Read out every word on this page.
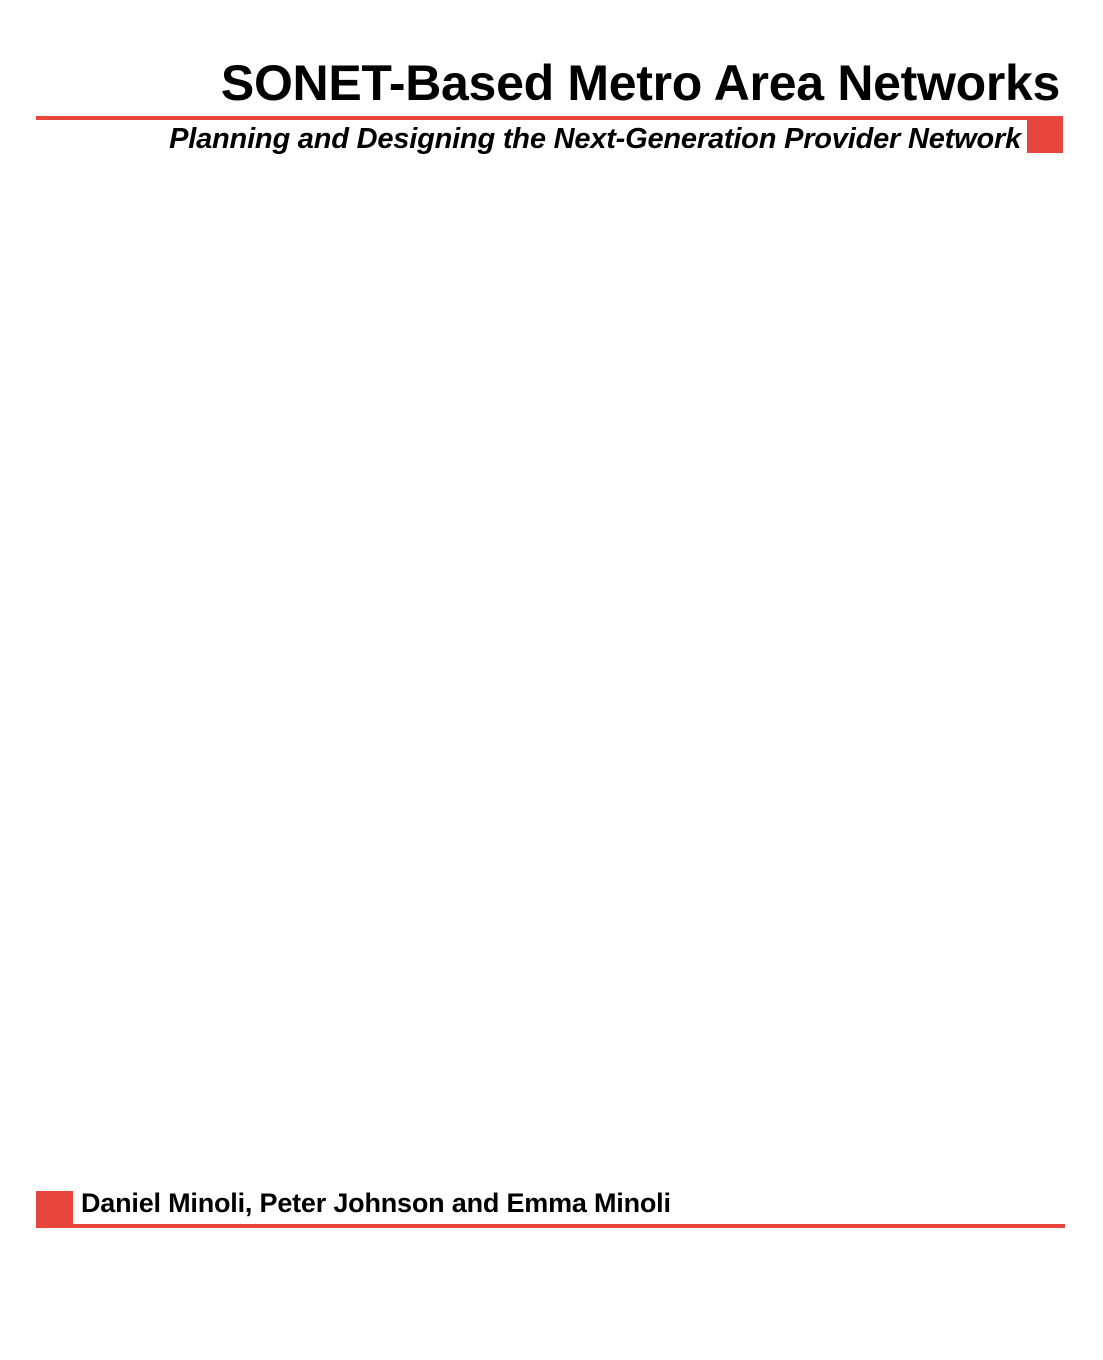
SONET-Based Metro Area Networks
Planning and Designing the Next-Generation Provider Network

Daniel Minoli, Peter Johnson and Emma Minoli
